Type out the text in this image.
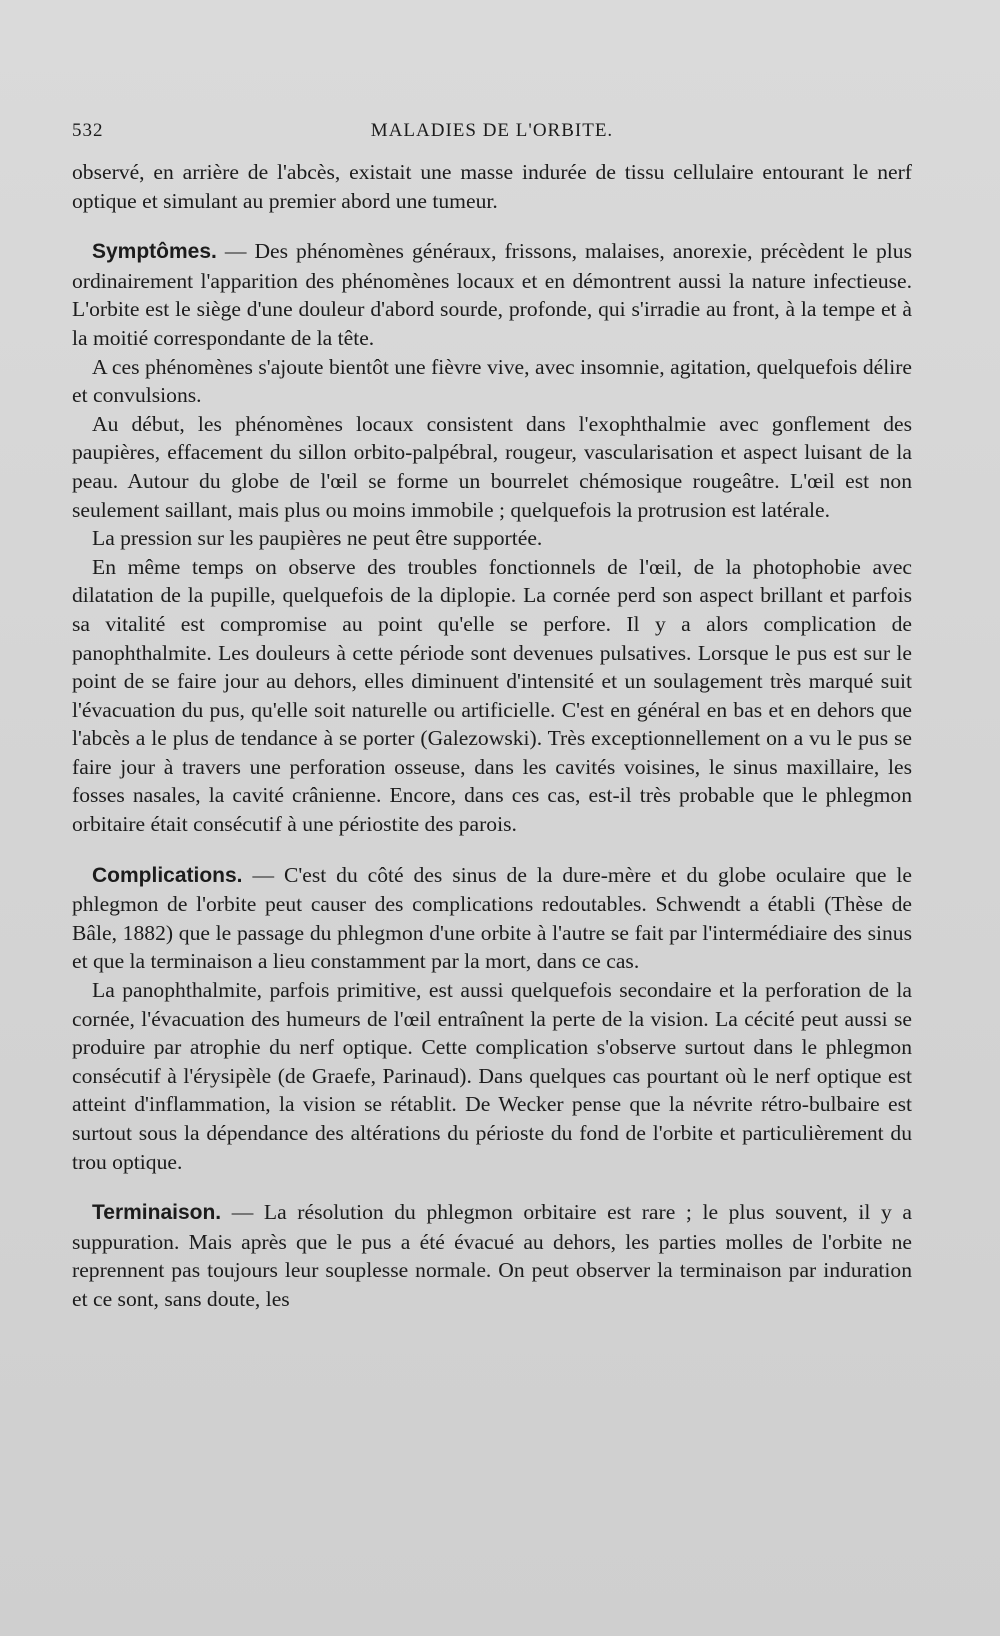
532	MALADIES DE L'ORBITE.

observé, en arrière de l'abcès, existait une masse indurée de tissu cellulaire entourant le nerf optique et simulant au premier abord une tumeur.

Symptômes. — Des phénomènes généraux, frissons, malaises, anorexie, précèdent le plus ordinairement l'apparition des phénomènes locaux et en démontrent aussi la nature infectieuse. L'orbite est le siège d'une douleur d'abord sourde, profonde, qui s'irradie au front, à la tempe et à la moitié correspondante de la tête.

A ces phénomènes s'ajoute bientôt une fièvre vive, avec insomnie, agitation, quelquefois délire et convulsions.

Au début, les phénomènes locaux consistent dans l'exophthalmie avec gonflement des paupières, effacement du sillon orbito-palpébral, rougeur, vascularisation et aspect luisant de la peau. Autour du globe de l'œil se forme un bourrelet chémosique rougeâtre. L'œil est non seulement saillant, mais plus ou moins immobile ; quelquefois la protrusion est latérale.

La pression sur les paupières ne peut être supportée.

En même temps on observe des troubles fonctionnels de l'œil, de la photophobie avec dilatation de la pupille, quelquefois de la diplopie. La cornée perd son aspect brillant et parfois sa vitalité est compromise au point qu'elle se perfore. Il y a alors complication de panophthalmite. Les douleurs à cette période sont devenues pulsatives. Lorsque le pus est sur le point de se faire jour au dehors, elles diminuent d'intensité et un soulagement très marqué suit l'évacuation du pus, qu'elle soit naturelle ou artificielle. C'est en général en bas et en dehors que l'abcès a le plus de tendance à se porter (Galezowski). Très exceptionnellement on a vu le pus se faire jour à travers une perforation osseuse, dans les cavités voisines, le sinus maxillaire, les fosses nasales, la cavité crânienne. Encore, dans ces cas, est-il très probable que le phlegmon orbitaire était consécutif à une périostite des parois.

Complications. — C'est du côté des sinus de la dure-mère et du globe oculaire que le phlegmon de l'orbite peut causer des complications redoutables. Schwendt a établi (Thèse de Bâle, 1882) que le passage du phlegmon d'une orbite à l'autre se fait par l'intermédiaire des sinus et que la terminaison a lieu constamment par la mort, dans ce cas.

La panophthalmite, parfois primitive, est aussi quelquefois secondaire et la perforation de la cornée, l'évacuation des humeurs de l'œil entraînent la perte de la vision. La cécité peut aussi se produire par atrophie du nerf optique. Cette complication s'observe surtout dans le phlegmon consécutif à l'érysipèle (de Graefe, Parinaud). Dans quelques cas pourtant où le nerf optique est atteint d'inflammation, la vision se rétablit. De Wecker pense que la névrite rétro-bulbaire est surtout sous la dépendance des altérations du périoste du fond de l'orbite et particulièrement du trou optique.

Terminaison. — La résolution du phlegmon orbitaire est rare ; le plus souvent, il y a suppuration. Mais après que le pus a été évacué au dehors, les parties molles de l'orbite ne reprennent pas toujours leur souplesse normale. On peut observer la terminaison par induration et ce sont, sans doute, les
